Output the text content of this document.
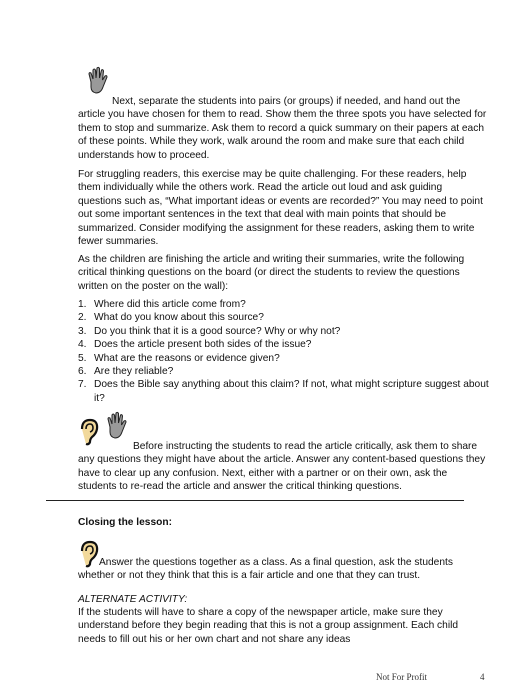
Next, separate the students into pairs (or groups) if needed, and hand out the article you have chosen for them to read. Show them the three spots you have selected for them to stop and summarize. Ask them to record a quick summary on their papers at each of these points. While they work, walk around the room and make sure that each child understands how to proceed.

For struggling readers, this exercise may be quite challenging. For these readers, help them individually while the others work. Read the article out loud and ask guiding questions such as, “What important ideas or events are recorded?” You may need to point out some important sentences in the text that deal with main points that should be summarized. Consider modifying the assignment for these readers, asking them to write fewer summaries.

As the children are finishing the article and writing their summaries, write the following critical thinking questions on the board (or direct the students to review the questions written on the poster on the wall):

1. Where did this article come from?
2. What do you know about this source?
3. Do you think that it is a good source? Why or why not?
4. Does the article present both sides of the issue?
5. What are the reasons or evidence given?
6. Are they reliable?
7. Does the Bible say anything about this claim? If not, what might scripture suggest about it?

Before instructing the students to read the article critically, ask them to share any questions they might have about the article. Answer any content-based questions they have to clear up any confusion. Next, either with a partner or on their own, ask the students to re-read the article and answer the critical thinking questions.

Closing the lesson:

Answer the questions together as a class. As a final question, ask the students whether or not they think that this is a fair article and one that they can trust.

ALTERNATE ACTIVITY:

If the students will have to share a copy of the newspaper article, make sure they understand before they begin reading that this is not a group assignment. Each child needs to fill out his or her own chart and not share any ideas

Not For Profit	4
